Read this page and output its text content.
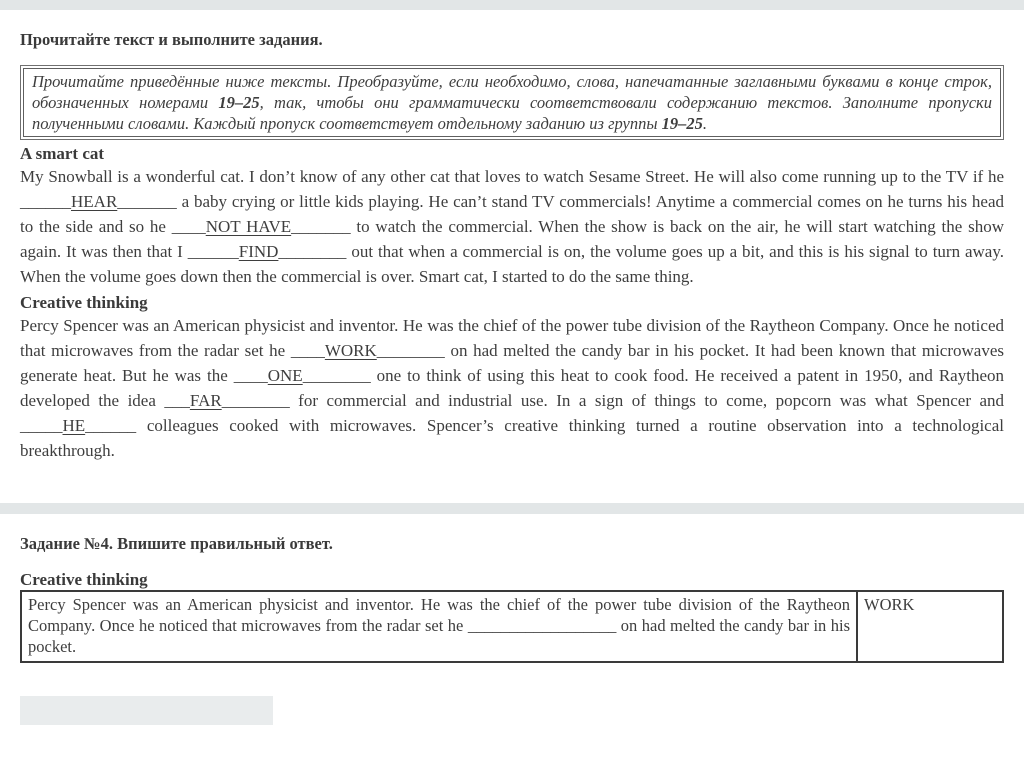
Прочитайте текст и выполните задания.
Прочитайте приведённые ниже тексты. Преобразуйте, если необходимо, слова, напечатанные заглавными буквами в конце строк, обозначенных номерами 19–25, так, чтобы они грамматически соответствовали содержанию текстов. Заполните пропуски полученными словами. Каждый пропуск соответствует отдельному заданию из группы 19–25.
A smart cat

My Snowball is a wonderful cat. I don’t know of any other cat that loves to watch Sesame Street. He will also come running up to the TV if he ______HEAR_______ a baby crying or little kids playing. He can’t stand TV commercials! Anytime a commercial comes on he turns his head to the side and so he ____NOT HAVE_______ to watch the commercial. When the show is back on the air, he will start watching the show again. It was then that I ______FIND________ out that when a commercial is on, the volume goes up a bit, and this is his signal to turn away. When the volume goes down then the commercial is over. Smart cat, I started to do the same thing.

Creative thinking

Percy Spencer was an American physicist and inventor. He was the chief of the power tube division of the Raytheon Company. Once he noticed that microwaves from the radar set he ____WORK________ on had melted the candy bar in his pocket. It had been known that microwaves generate heat. But he was the ____ONE________ one to think of using this heat to cook food. He received a patent in 1950, and Raytheon developed the idea ___FAR________ for commercial and industrial use. In a sign of things to come, popcorn was what Spencer and _____HE______ colleagues cooked with microwaves. Spencer’s creative thinking turned a routine observation into a technological breakthrough.

Задание №4. Впишите правильный ответ.
Creative thinking
Percy Spencer was an American physicist and inventor. He was the chief of the power tube division of the Raytheon Company. Once he noticed that microwaves from the radar set he __________________ on had melted the candy bar in his pocket.	WORK
